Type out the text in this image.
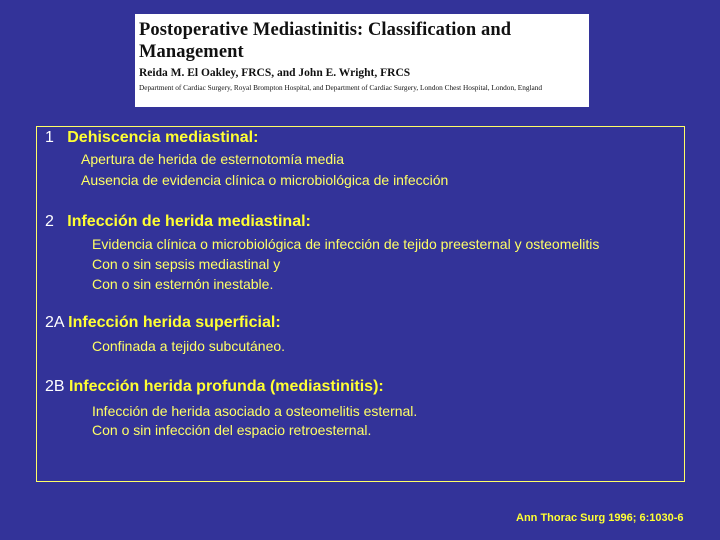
Postoperative Mediastinitis: Classification and Management
Reida M. El Oakley, FRCS, and John E. Wright, FRCS
Department of Cardiac Surgery, Royal Brompton Hospital, and Department of Cardiac Surgery, London Chest Hospital, London, England
1 Dehiscencia mediastinal:
Apertura de herida de esternotomía media
Ausencia de evidencia clínica o microbiológica de infección
2 Infección de herida mediastinal:
Evidencia clínica o microbiológica de infección de tejido preesternal y osteomelitis
Con o sin sepsis mediastinal y
Con o sin esternón inestable.
2A Infección herida superficial:
Confinada a tejido subcutáneo.
2B Infección herida profunda (mediastinitis):
Infección de herida asociado a osteomelitis esternal.
Con o sin infección del espacio retroesternal.
Ann Thorac Surg 1996; 6:1030-6
